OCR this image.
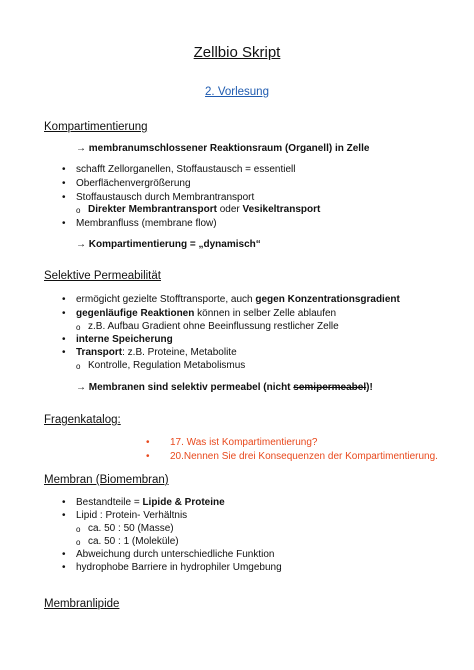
Zellbio Skript
2. Vorlesung
Kompartimentierung
→ membranumschlossener Reaktionsraum (Organell) in Zelle
• schafft Zellorganellen, Stoffaustausch = essentiell
• Oberflächenvergrößerung
• Stoffaustausch durch Membrantransport
o Direkter Membrantransport oder Vesikeltransport
• Membranfluss (membrane flow)
→ Kompartimentierung = „dynamisch“
Selektive Permeabilität
• ermögicht gezielte Stofftransporte, auch gegen Konzentrationsgradient
• gegenläufige Reaktionen können in selber Zelle ablaufen
o z.B. Aufbau Gradient ohne Beeinflussung restlicher Zelle
• interne Speicherung
• Transport: z.B. Proteine, Metabolite
o Kontrolle, Regulation Metabolismus
→ Membranen sind selektiv permeabel (nicht semipermeabel)!
Fragenkatalog:
• 17. Was ist Kompartimentierung?
• 20.Nennen Sie drei Konsequenzen der Kompartimentierung.
Membran (Biomembran)
• Bestandteile = Lipide & Proteine
• Lipid : Protein- Verhältnis
o ca. 50 : 50 (Masse)
o ca. 50 : 1 (Moleküle)
• Abweichung durch unterschiedliche Funktion
• hydrophobe Barriere in hydrophiler Umgebung
Membranlipide
